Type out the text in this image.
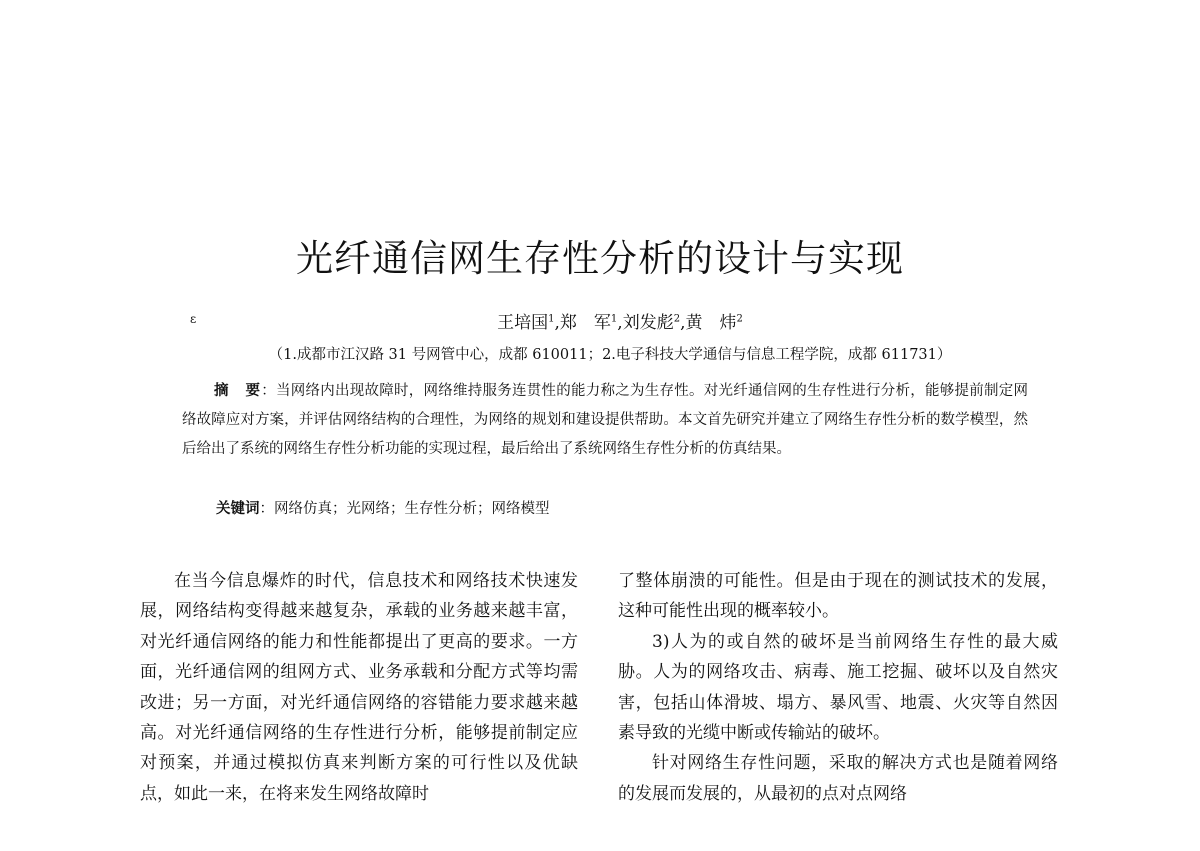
光纤通信网生存性分析的设计与实现
ε	王培国$^1$,郑　军$^1$,刘发彪$^2$,黄　炜$^2$
（1.成都市江汉路 31 号网管中心，成都 610011；2.电子科技大学通信与信息工程学院，成都 611731）
摘　要：当网络内出现故障时，网络维持服务连贯性的能力称之为生存性。对光纤通信网的生存性进行分析，能够提前制定网络故障应对方案，并评估网络结构的合理性，为网络的规划和建设提供帮助。本文首先研究并建立了网络生存性分析的数学模型，然后给出了系统的网络生存性分析功能的实现过程，最后给出了系统网络生存性分析的仿真结果。
关键词：网络仿真；光网络；生存性分析；网络模型

在当今信息爆炸的时代，信息技术和网络技术快速发展，网络结构变得越来越复杂，承载的业务越来越丰富，对光纤通信网络的能力和性能都提出了更高的要求。一方面，光纤通信网的组网方式、业务承载和分配方式等均需改进；另一方面，对光纤通信网络的容错能力要求越来越高。对光纤通信网络的生存性进行分析，能够提前制定应对预案，并通过模拟仿真来判断方案的可行性以及优缺点，如此一来，在将来发生网络故障时

了整体崩溃的可能性。但是由于现在的测试技术的发展，这种可能性出现的概率较小。

3)人为的或自然的破坏是当前网络生存性的最大威胁。人为的网络攻击、病毒、施工挖掘、破坏以及自然灾害，包括山体滑坡、塌方、暴风雪、地震、火灾等自然因素导致的光缆中断或传输站的破坏。

针对网络生存性问题，采取的解决方式也是随着网络的发展而发展的，从最初的点对点网络
